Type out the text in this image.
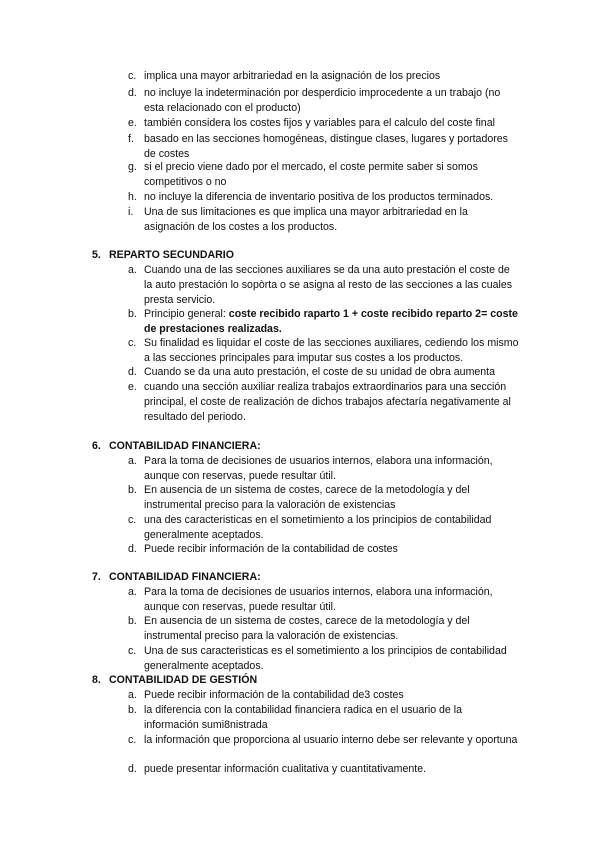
c. implica una mayor arbitrariedad en la asignación de los precios
d. no incluye la indeterminación por desperdicio improcedente a un trabajo (no esta relacionado con el producto)
e. también considera los costes fijos y variables para el calculo del coste final
f. basado en las secciones homogéneas, distingue clases, lugares y portadores de costes
g. si el precio viene dado por el mercado, el coste permite saber si somos competitivos o no
h. no incluye la diferencia de inventario positiva de los productos terminados.
i. Una de sus limitaciones es que implica una mayor arbitrariedad en la asignación de los costes a los productos.
5. REPARTO SECUNDARIO
a. Cuando una de las secciones auxiliares se da una auto prestación el coste de la auto prestación lo sopòrta o se asigna al resto de las secciones a las cuales presta servicio.
b. Principio general: coste recibido raparto 1 + coste recibido reparto 2= coste de prestaciones realizadas.
c. Su finalidad es liquidar el coste de las secciones auxiliares, cediendo los mismo a las secciones principales para imputar sus costes a los productos.
d. Cuando se da una auto prestación, el coste de su unidad de obra aumenta
e. cuando una sección auxiliar realiza trabajos extraordinarios para una sección principal, el coste de realización de dichos trabajos afectaría negativamente al resultado del periodo.
6. CONTABILIDAD FINANCIERA:
a. Para la toma de decisiones de usuarios internos, elabora una información, aunque con reservas, puede resultar útil.
b. En ausencia de un sistema de costes, carece de la metodología y del instrumental preciso para la valoración de existencias
c. una des caracteristicas en el sometimiento a los principios de contabilidad generalmente aceptados.
d. Puede recibir información de la contabilidad de costes
7. CONTABILIDAD FINANCIERA:
a. Para la toma de decisiones de usuarios internos, elabora una información, aunque con reservas, puede resultar útil.
b. En ausencia de un sistema de costes, carece de la metodología y del instrumental preciso para la valoración de existencias.
c. Una de sus caracteristicas es el sometimiento a los principios de contabilidad generalmente aceptados.
8. CONTABILIDAD DE GESTIÓN
a. Puede recibir información de la contabilidad de3 costes
b. la diferencia con la contabilidad financiera radica en el usuario de la información sumi8nistrada
c. la información que proporciona al usuario interno debe ser relevante y oportuna
d. puede presentar información cualitativa y cuantitativamente.
